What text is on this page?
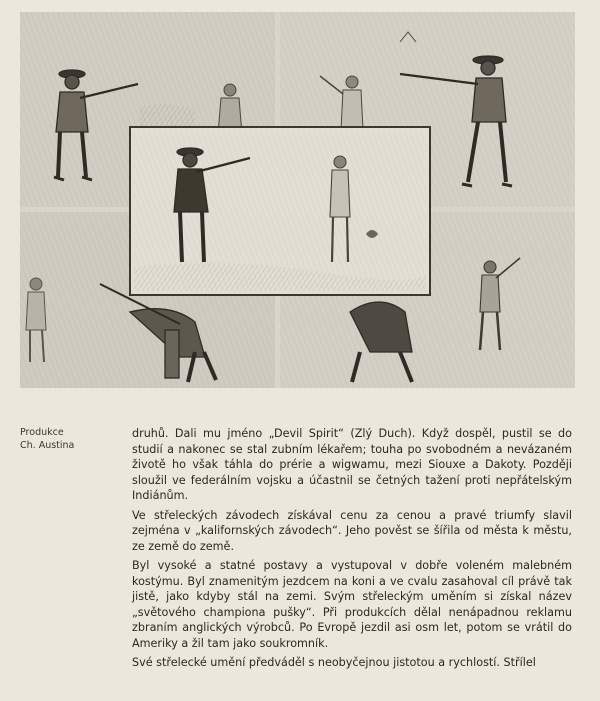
Produkce
Ch. Austina

druhů. Dali mu jméno „Devil Spirit“ (Zlý Duch). Když dospěl, pustil se do studií a nakonec se stal zubním lékařem; touha po svobodném a nevázaném životě ho však táhla do prérie a wigwamu, mezi Siouxe a Dakoty. Později sloužil ve federálním vojsku a účastnil se četných tažení proti nepřátelským Indiánům.

Ve střeleckých závodech získával cenu za cenou a pravé triumfy slavil zejména v „kalifornských závodech“. Jeho pověst se šířila od města k městu, ze země do země.

Byl vysoké a statné postavy a vystupoval v dobře voleném malebném kostýmu. Byl znamenitým jezdcem na koni a ve cvalu zasahoval cíl právě tak jistě, jako kdyby stál na zemi. Svým střeleckým uměním si získal název „světového championa pušky“. Při produkcích dělal nenápadnou reklamu zbraním anglických výrobců. Po Evropě jezdil asi osm let, potom se vrátil do Ameriky a žil tam jako soukromník.

Své střelecké umění předváděl s neobyčejnou jistotou a rychlostí. Střílel
